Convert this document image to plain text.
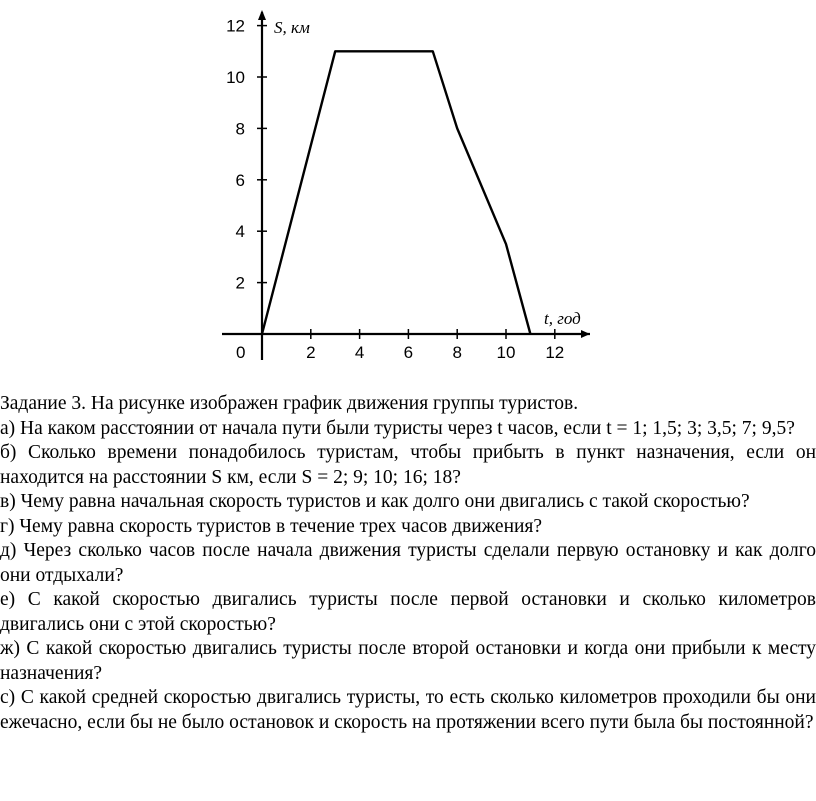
2 4 6 8 10 12
2
4
6
8
10
12 S, км
t, год
0

Задание 3. На рисунке изображен график движения группы туристов.

а) На каком расстоянии от начала пути были туристы через t часов, если t = 1; 1,5; 3; 3,5; 7; 9,5?

б) Сколько времени понадобилось туристам, чтобы прибыть в пункт назначения, если он находится на расстоянии S км, если S = 2; 9; 10; 16; 18?

в) Чему равна начальная скорость туристов и как долго они двигались с такой скоростью?

г) Чему равна скорость туристов в течение трех часов движения?

д) Через сколько часов после начала движения туристы сделали первую остановку и как долго они отдыхали?

е) С какой скоростью двигались туристы после первой остановки и сколько километров двигались они с этой скоростью?

ж) С какой скоростью двигались туристы после второй остановки и когда они прибыли к месту назначения?

с) С какой средней скоростью двигались туристы, то есть сколько километров проходили бы они ежечасно, если бы не было остановок и скорость на протяжении всего пути была бы постоянной?
